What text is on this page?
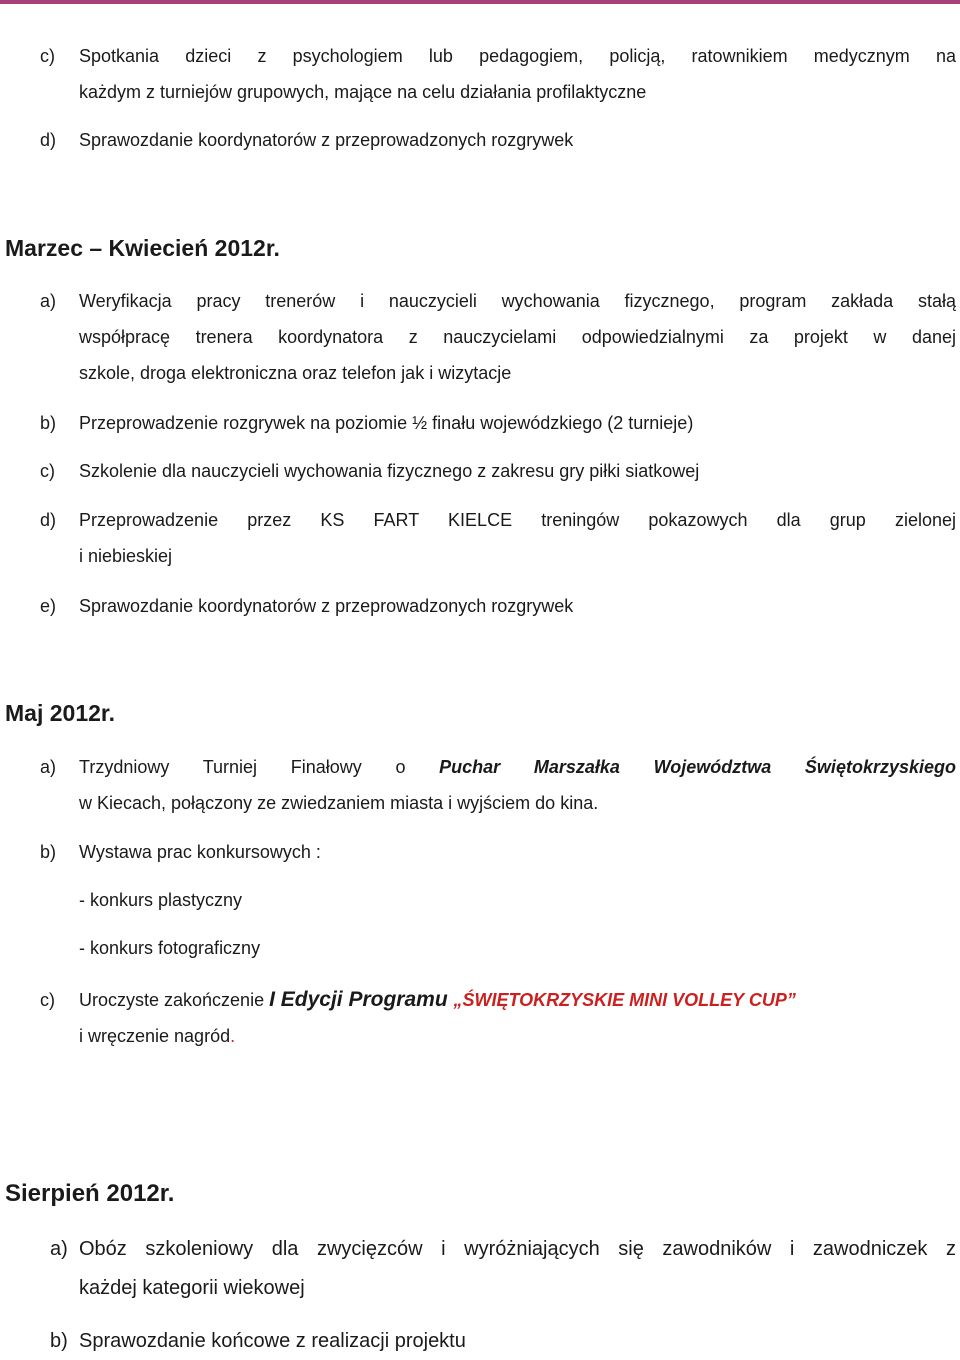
c)	Spotkania dzieci z psychologiem lub pedagogiem, policją, ratownikiem medycznym na
każdym z turniejów grupowych, mające na celu działania profilaktyczne
d)	Sprawozdanie koordynatorów z przeprowadzonych rozgrywek
Marzec – Kwiecień 2012r.
a)	Weryfikacja pracy trenerów i nauczycieli wychowania fizycznego, program zakłada stałą
współpracę trenera koordynatora z nauczycielami odpowiedzialnymi za projekt w danej
szkole, droga elektroniczna oraz telefon jak i wizytacje
b)	Przeprowadzenie rozgrywek na poziomie ½ finału wojewódzkiego (2 turnieje)
c)	Szkolenie dla nauczycieli wychowania fizycznego z zakresu gry piłki siatkowej
d)	Przeprowadzenie przez KS FART KIELCE treningów pokazowych dla grup zielonej
i niebieskiej
e)	Sprawozdanie koordynatorów z przeprowadzonych rozgrywek
Maj 2012r.
a)	Trzydniowy Turniej Finałowy o Puchar Marszałka Województwa Świętokrzyskiego
w Kiecach, połączony ze zwiedzaniem miasta i wyjściem do kina.
b)	Wystawa prac konkursowych :
- konkurs plastyczny
- konkurs fotograficzny
c)	Uroczyste zakończenie I Edycji Programu „ŚWIĘTOKRZYSKIE MINI VOLLEY CUP”
i wręczenie nagród.
Sierpień 2012r.
a) Obóz szkoleniowy dla zwycięzców i wyróżniających się zawodników i zawodniczek z
każdej kategorii wiekowej
b) Sprawozdanie końcowe z realizacji projektu
